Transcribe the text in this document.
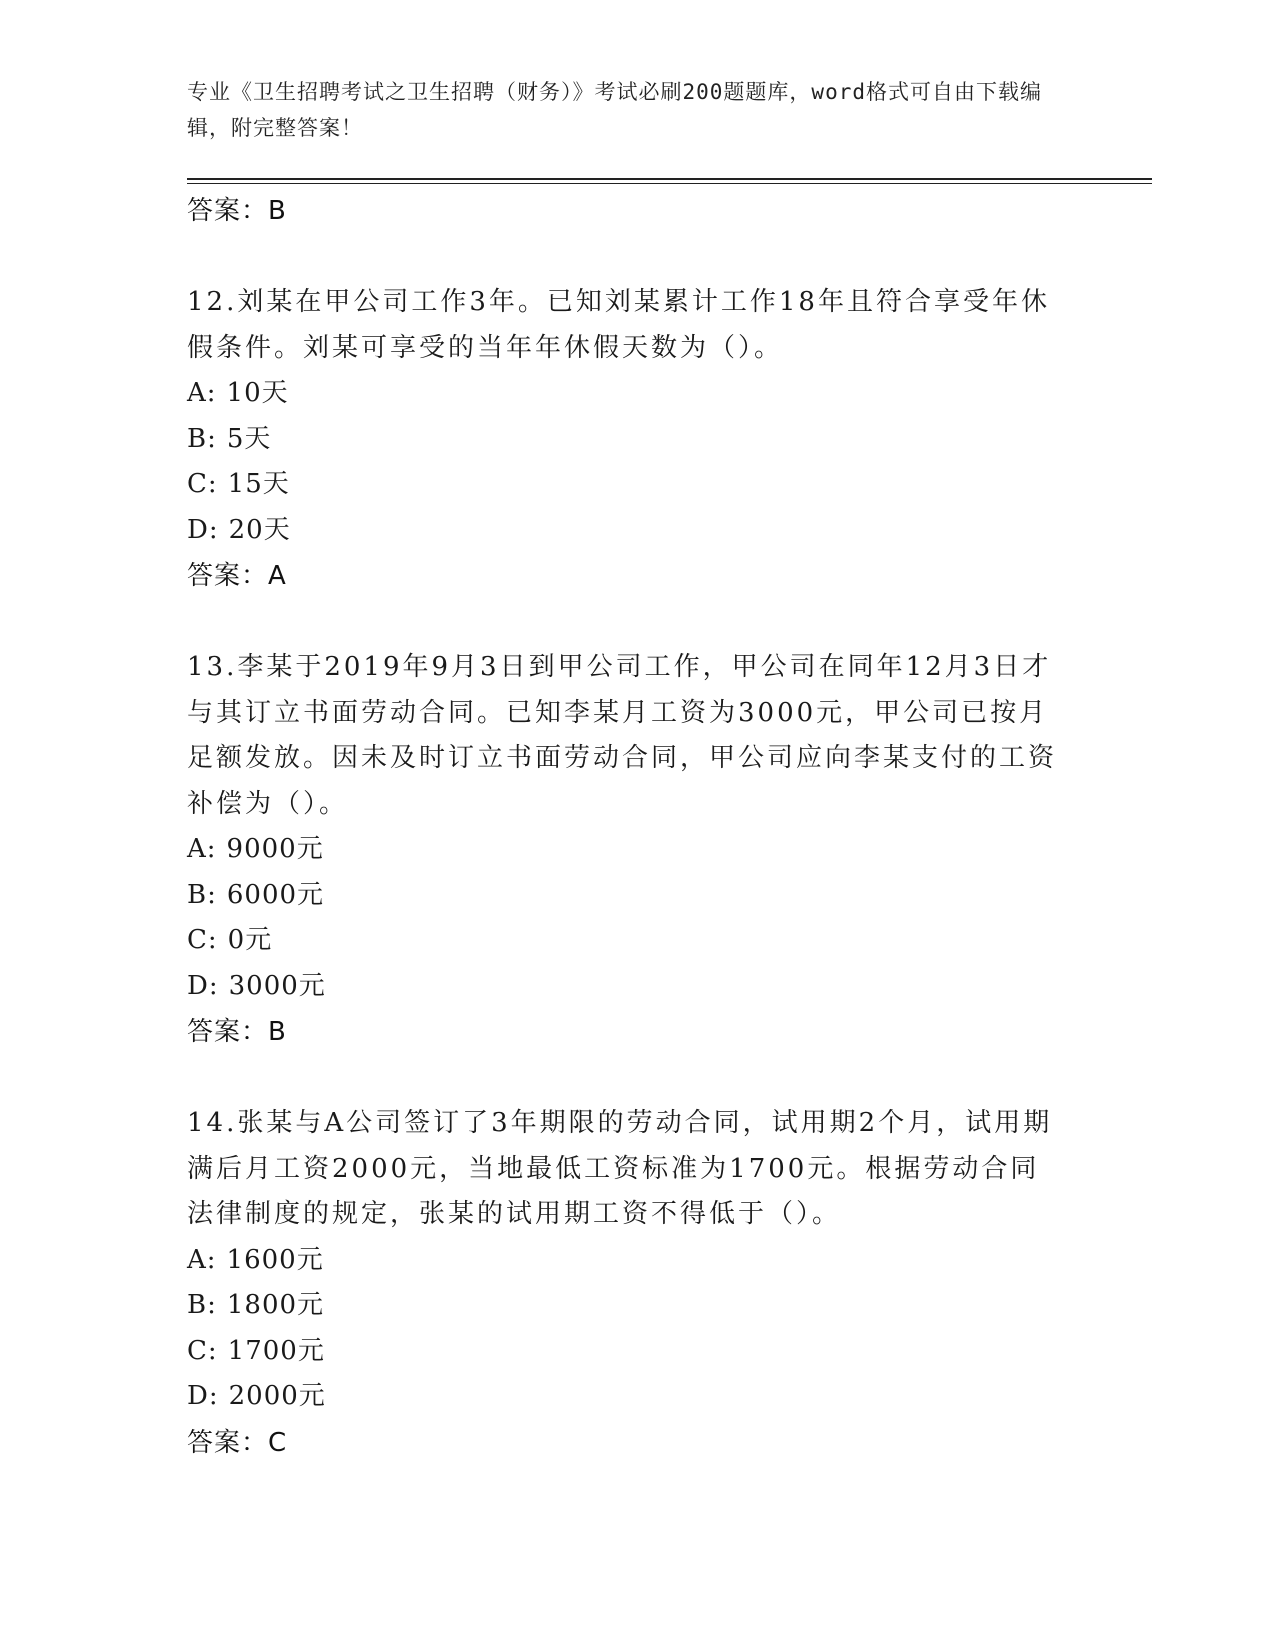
专业《卫生招聘考试之卫生招聘（财务）》考试必刷200题题库，word格式可自由下载编辑，附完整答案！
答案：B

12.刘某在甲公司工作3年。已知刘某累计工作18年且符合享受年休假条件。刘某可享受的当年年休假天数为（）。

A: 10天
B: 5天
C: 15天
D: 20天
答案：A

13.李某于2019年9月3日到甲公司工作，甲公司在同年12月3日才与其订立书面劳动合同。已知李某月工资为3000元，甲公司已按月足额发放。因未及时订立书面劳动合同，甲公司应向李某支付的工资补偿为（）。

A: 9000元
B: 6000元
C: 0元
D: 3000元
答案：B

14.张某与A公司签订了3年期限的劳动合同，试用期2个月，试用期满后月工资2000元，当地最低工资标准为1700元。根据劳动合同法律制度的规定，张某的试用期工资不得低于（）。

A: 1600元
B: 1800元
C: 1700元
D: 2000元
答案：C
